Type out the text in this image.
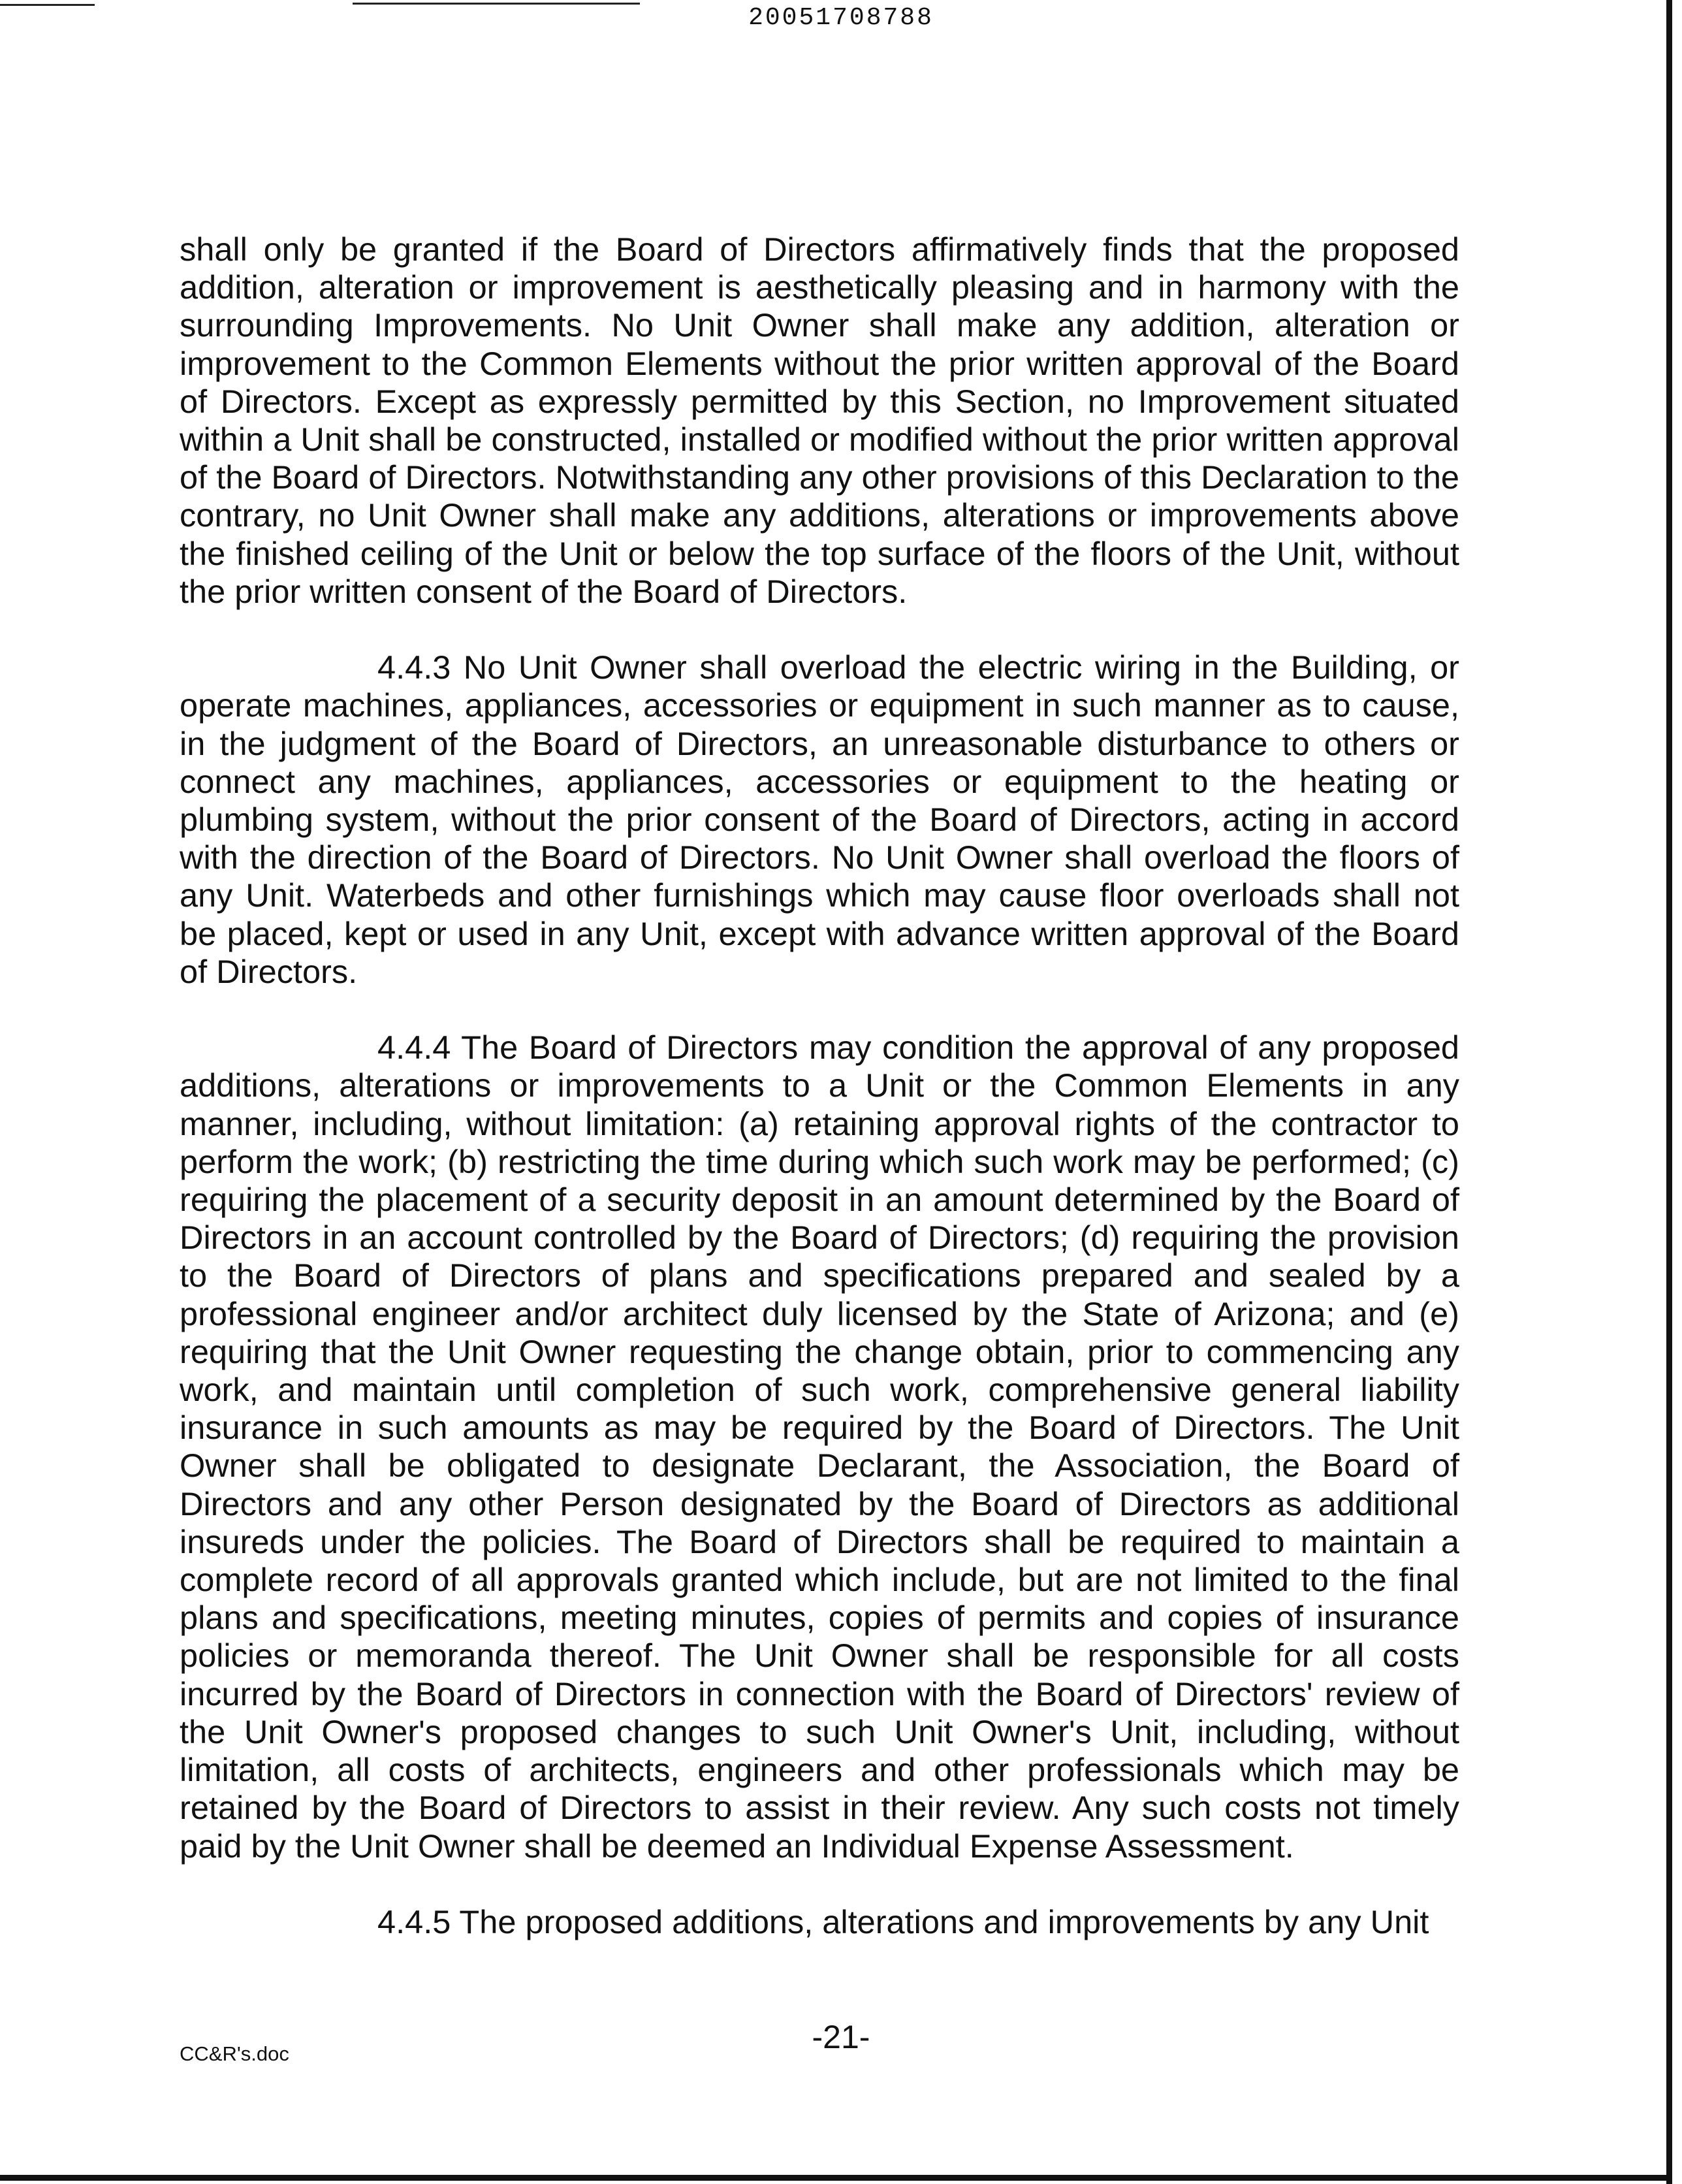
20051708788

shall only be granted if the Board of Directors affirmatively finds that the proposed addition, alteration or improvement is aesthetically pleasing and in harmony with the surrounding Improvements. No Unit Owner shall make any addition, alteration or improvement to the Common Elements without the prior written approval of the Board of Directors. Except as expressly permitted by this Section, no Improvement situated within a Unit shall be constructed, installed or modified without the prior written approval of the Board of Directors. Notwithstanding any other provisions of this Declaration to the contrary, no Unit Owner shall make any additions, alterations or improvements above the finished ceiling of the Unit or below the top surface of the floors of the Unit, without the prior written consent of the Board of Directors.

4.4.3 No Unit Owner shall overload the electric wiring in the Building, or operate machines, appliances, accessories or equipment in such manner as to cause, in the judgment of the Board of Directors, an unreasonable disturbance to others or connect any machines, appliances, accessories or equipment to the heating or plumbing system, without the prior consent of the Board of Directors, acting in accord with the direction of the Board of Directors. No Unit Owner shall overload the floors of any Unit. Waterbeds and other furnishings which may cause floor overloads shall not be placed, kept or used in any Unit, except with advance written approval of the Board of Directors.

4.4.4 The Board of Directors may condition the approval of any proposed additions, alterations or improvements to a Unit or the Common Elements in any manner, including, without limitation: (a) retaining approval rights of the contractor to perform the work; (b) restricting the time during which such work may be performed; (c) requiring the placement of a security deposit in an amount determined by the Board of Directors in an account controlled by the Board of Directors; (d) requiring the provision to the Board of Directors of plans and specifications prepared and sealed by a professional engineer and/or architect duly licensed by the State of Arizona; and (e) requiring that the Unit Owner requesting the change obtain, prior to commencing any work, and maintain until completion of such work, comprehensive general liability insurance in such amounts as may be required by the Board of Directors. The Unit Owner shall be obligated to designate Declarant, the Association, the Board of Directors and any other Person designated by the Board of Directors as additional insureds under the policies. The Board of Directors shall be required to maintain a complete record of all approvals granted which include, but are not limited to the final plans and specifications, meeting minutes, copies of permits and copies of insurance policies or memoranda thereof. The Unit Owner shall be responsible for all costs incurred by the Board of Directors in connection with the Board of Directors' review of the Unit Owner's proposed changes to such Unit Owner's Unit, including, without limitation, all costs of architects, engineers and other professionals which may be retained by the Board of Directors to assist in their review. Any such costs not timely paid by the Unit Owner shall be deemed an Individual Expense Assessment.

4.4.5 The proposed additions, alterations and improvements by any Unit

-21-
CC&R's.doc
